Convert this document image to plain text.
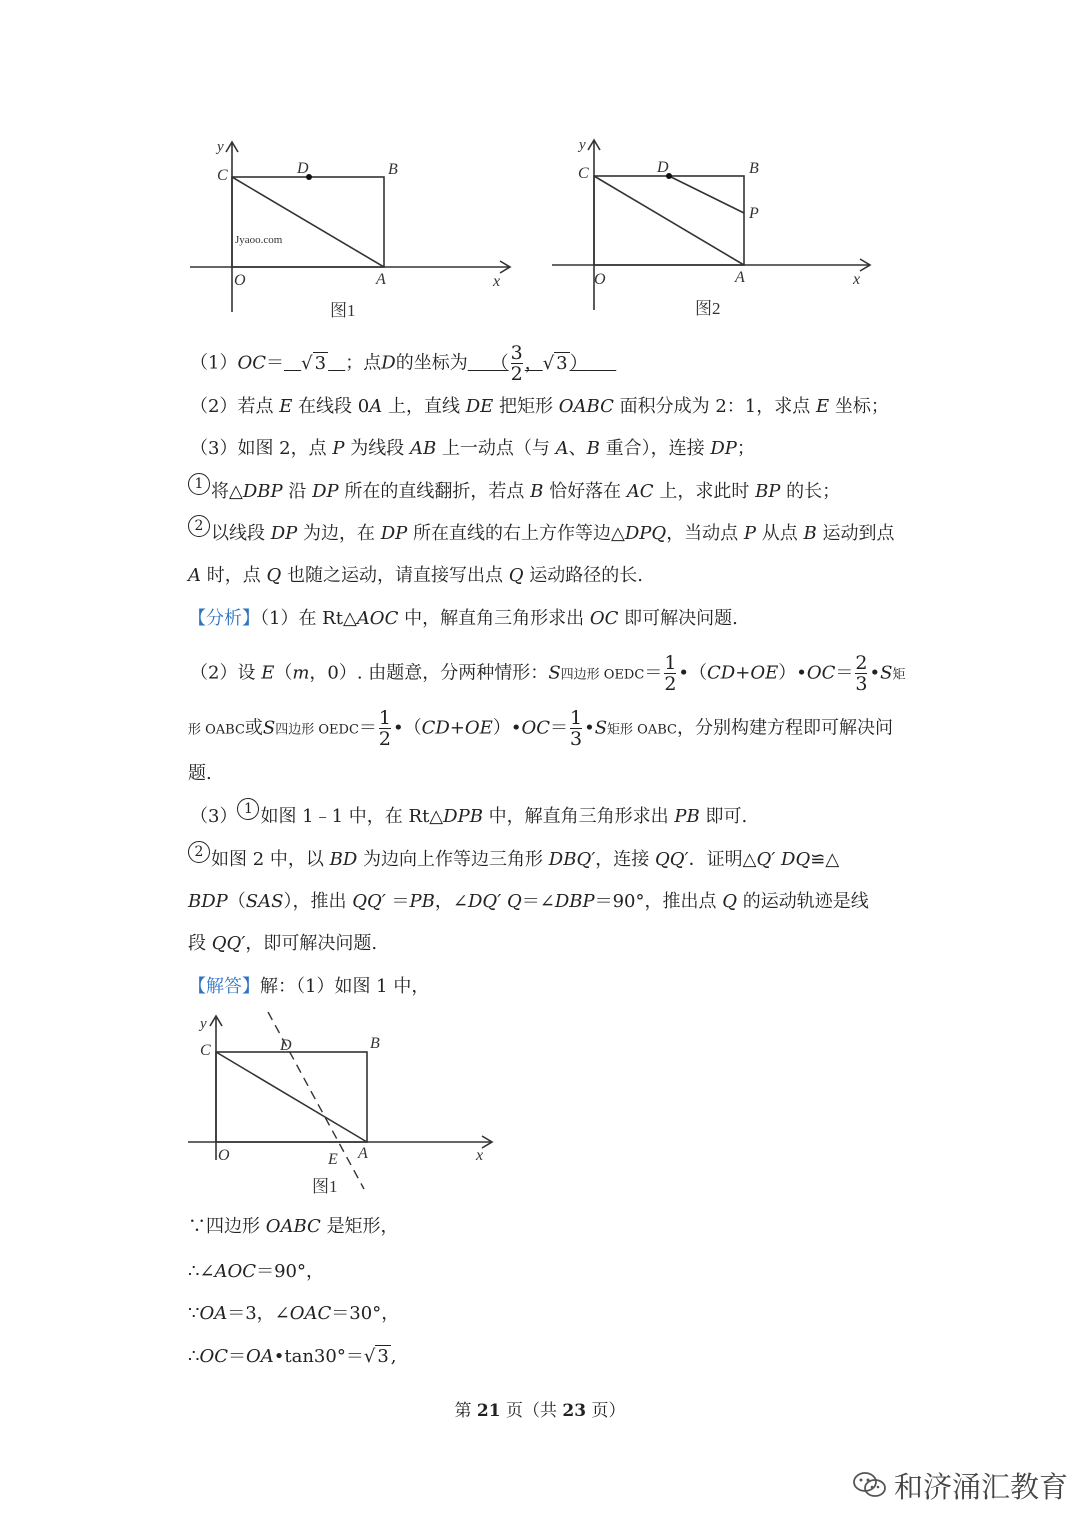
Jyaoo.com
y
C	D	B
O	A	x
图1
y
C	D	B
P
O	A	x
图2
（1）OC＝ √ 3 ；点D的坐标为 （ $\frac{3}{2}$ ，√ 3 ）
（2）若点 E 在线段 0A 上，直线 DE 把矩形 OABC 面积分成为 2：1，求点 E 坐标；
（3）如图 2，点 P 为线段 AB 上一动点（与 A、B 重合），连接 DP；
1 将△DBP 沿 DP 所在的直线翻折，若点 B 恰好落在 AC 上，求此时 BP 的长；
2 以线段 DP 为边，在 DP 所在直线的右上方作等边△DPQ，当动点 P 从点 B 运动到点
A 时，点 Q 也随之运动，请直接写出点 Q 运动路径的长.
【分析】（1）在 Rt△AOC 中，解直角三角形求出 OC 即可解决问题.
（2）设 E（m，0）. 由题意，分两种情形：S四边形 OEDC＝ $\frac{1}{2}$ •（CD+OE）•OC＝ $\frac{2}{3}$ •S矩
形 OABC或S四边形 OEDC＝ $\frac{1}{2}$ •（CD+OE）•OC＝ $\frac{1}{3}$ •S矩形 OABC，分别构建方程即可解决问
题.
（3） 1 如图 1﹣1 中，在 Rt△DPB 中，解直角三角形求出 PB 即可.
2 如图 2 中，以 BD 为边向上作等边三角形 DBQ′，连接 QQ′．证明△Q′ DQ≌△
BDP（SAS），推出 QQ′ ＝PB，∠DQ′ Q＝∠DBP＝90°，推出点 Q 的运动轨迹是线
段 QQ′，即可解决问题.
【解答】解：（1）如图 1 中，
y
C	D	B
O	E A	x
图1
∵四边形 OABC 是矩形，
∴∠AOC＝90°，
∵OA＝3，∠OAC＝30°，
∴OC＝OA•tan30°＝√ 3 ,
第 21 页（共 23 页）
和济涌汇教育
